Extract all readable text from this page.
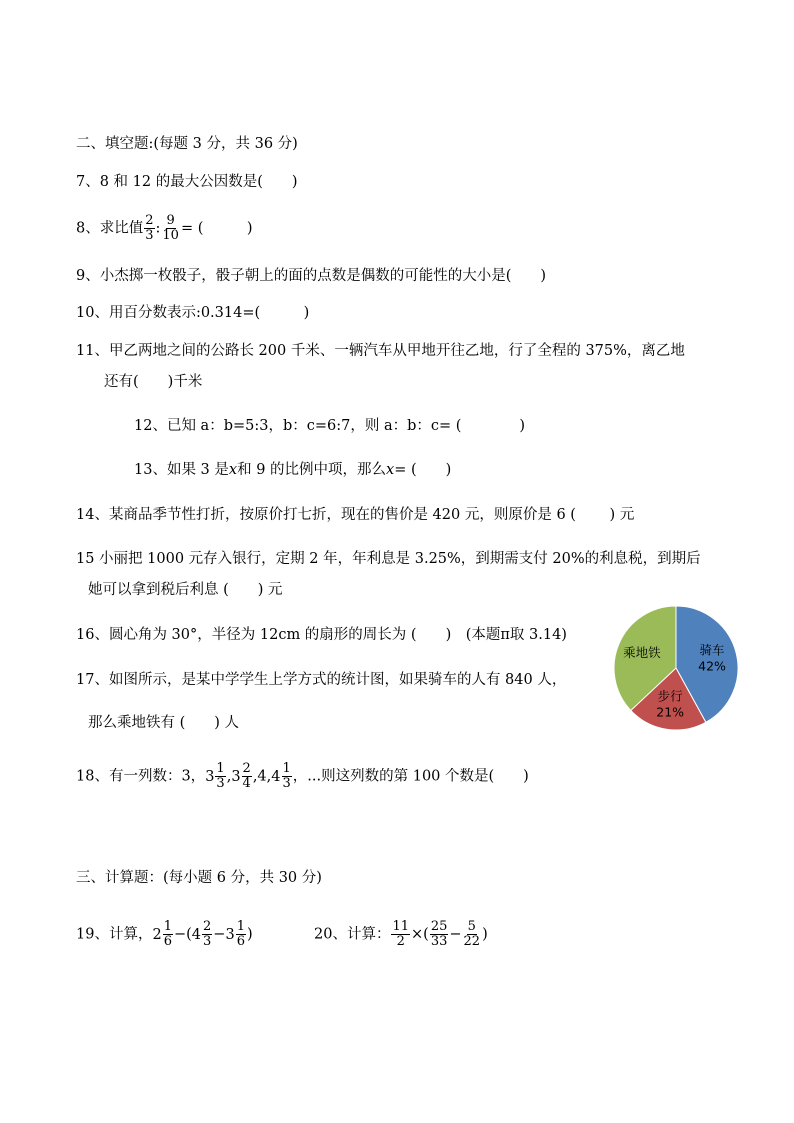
二、填空题:(每题 3 分，共 36 分)
7、8 和 12 的最大公因数是(　　)
8、求比值 $\frac{2}{3}$ : $\frac{9}{10}$ = (　　　)
9、小杰掷一枚骰子，骰子朝上的面的点数是偶数的可能性的大小是(　　)
10、用百分数表示:0.314=(　　　)
11、甲乙两地之间的公路长 200 千米、一辆汽车从甲地开往乙地，行了全程的 375%，离乙地
还有(　　)千米
12、已知 a：b=5:3，b：c=6:7，则 a：b：c= (　　　　)
13、如果 3 是x和 9 的比例中项，那么x= (　　)
14、某商品季节性打折，按原价打七折，现在的售价是 420 元，则原价是 6 (　　 ) 元
15 小丽把 1000 元存入银行，定期 2 年，年利息是 3.25%，到期需支付 20%的利息税，到期后
她可以拿到税后利息 (　　) 元
16、圆心角为 30°，半径为 12cm 的扇形的周长为 (　　)　(本题π取 3.14)
17、如图所示，是某中学学生上学方式的统计图，如果骑车的人有 840 人，
那么乘地铁有 (　　) 人
18、有一列数：3， $3 \frac{1}{3}$ , $3 \frac{2}{4} ,4$, $4 \frac{1}{3}$ ，...则这列数的第 100 个数是(　　)
三、计算题：(每小题 6 分，共 30 分)
19、计算， $2 \frac{1}{6}$ −( $4 \frac{2}{3} - 3 \frac{1}{6}$ )	20、计算： $\frac{11}{2}$ ×( $\frac{25}{33} - \frac{5}{22}$ )
骑车 42%
步行 21%
乘地铁
